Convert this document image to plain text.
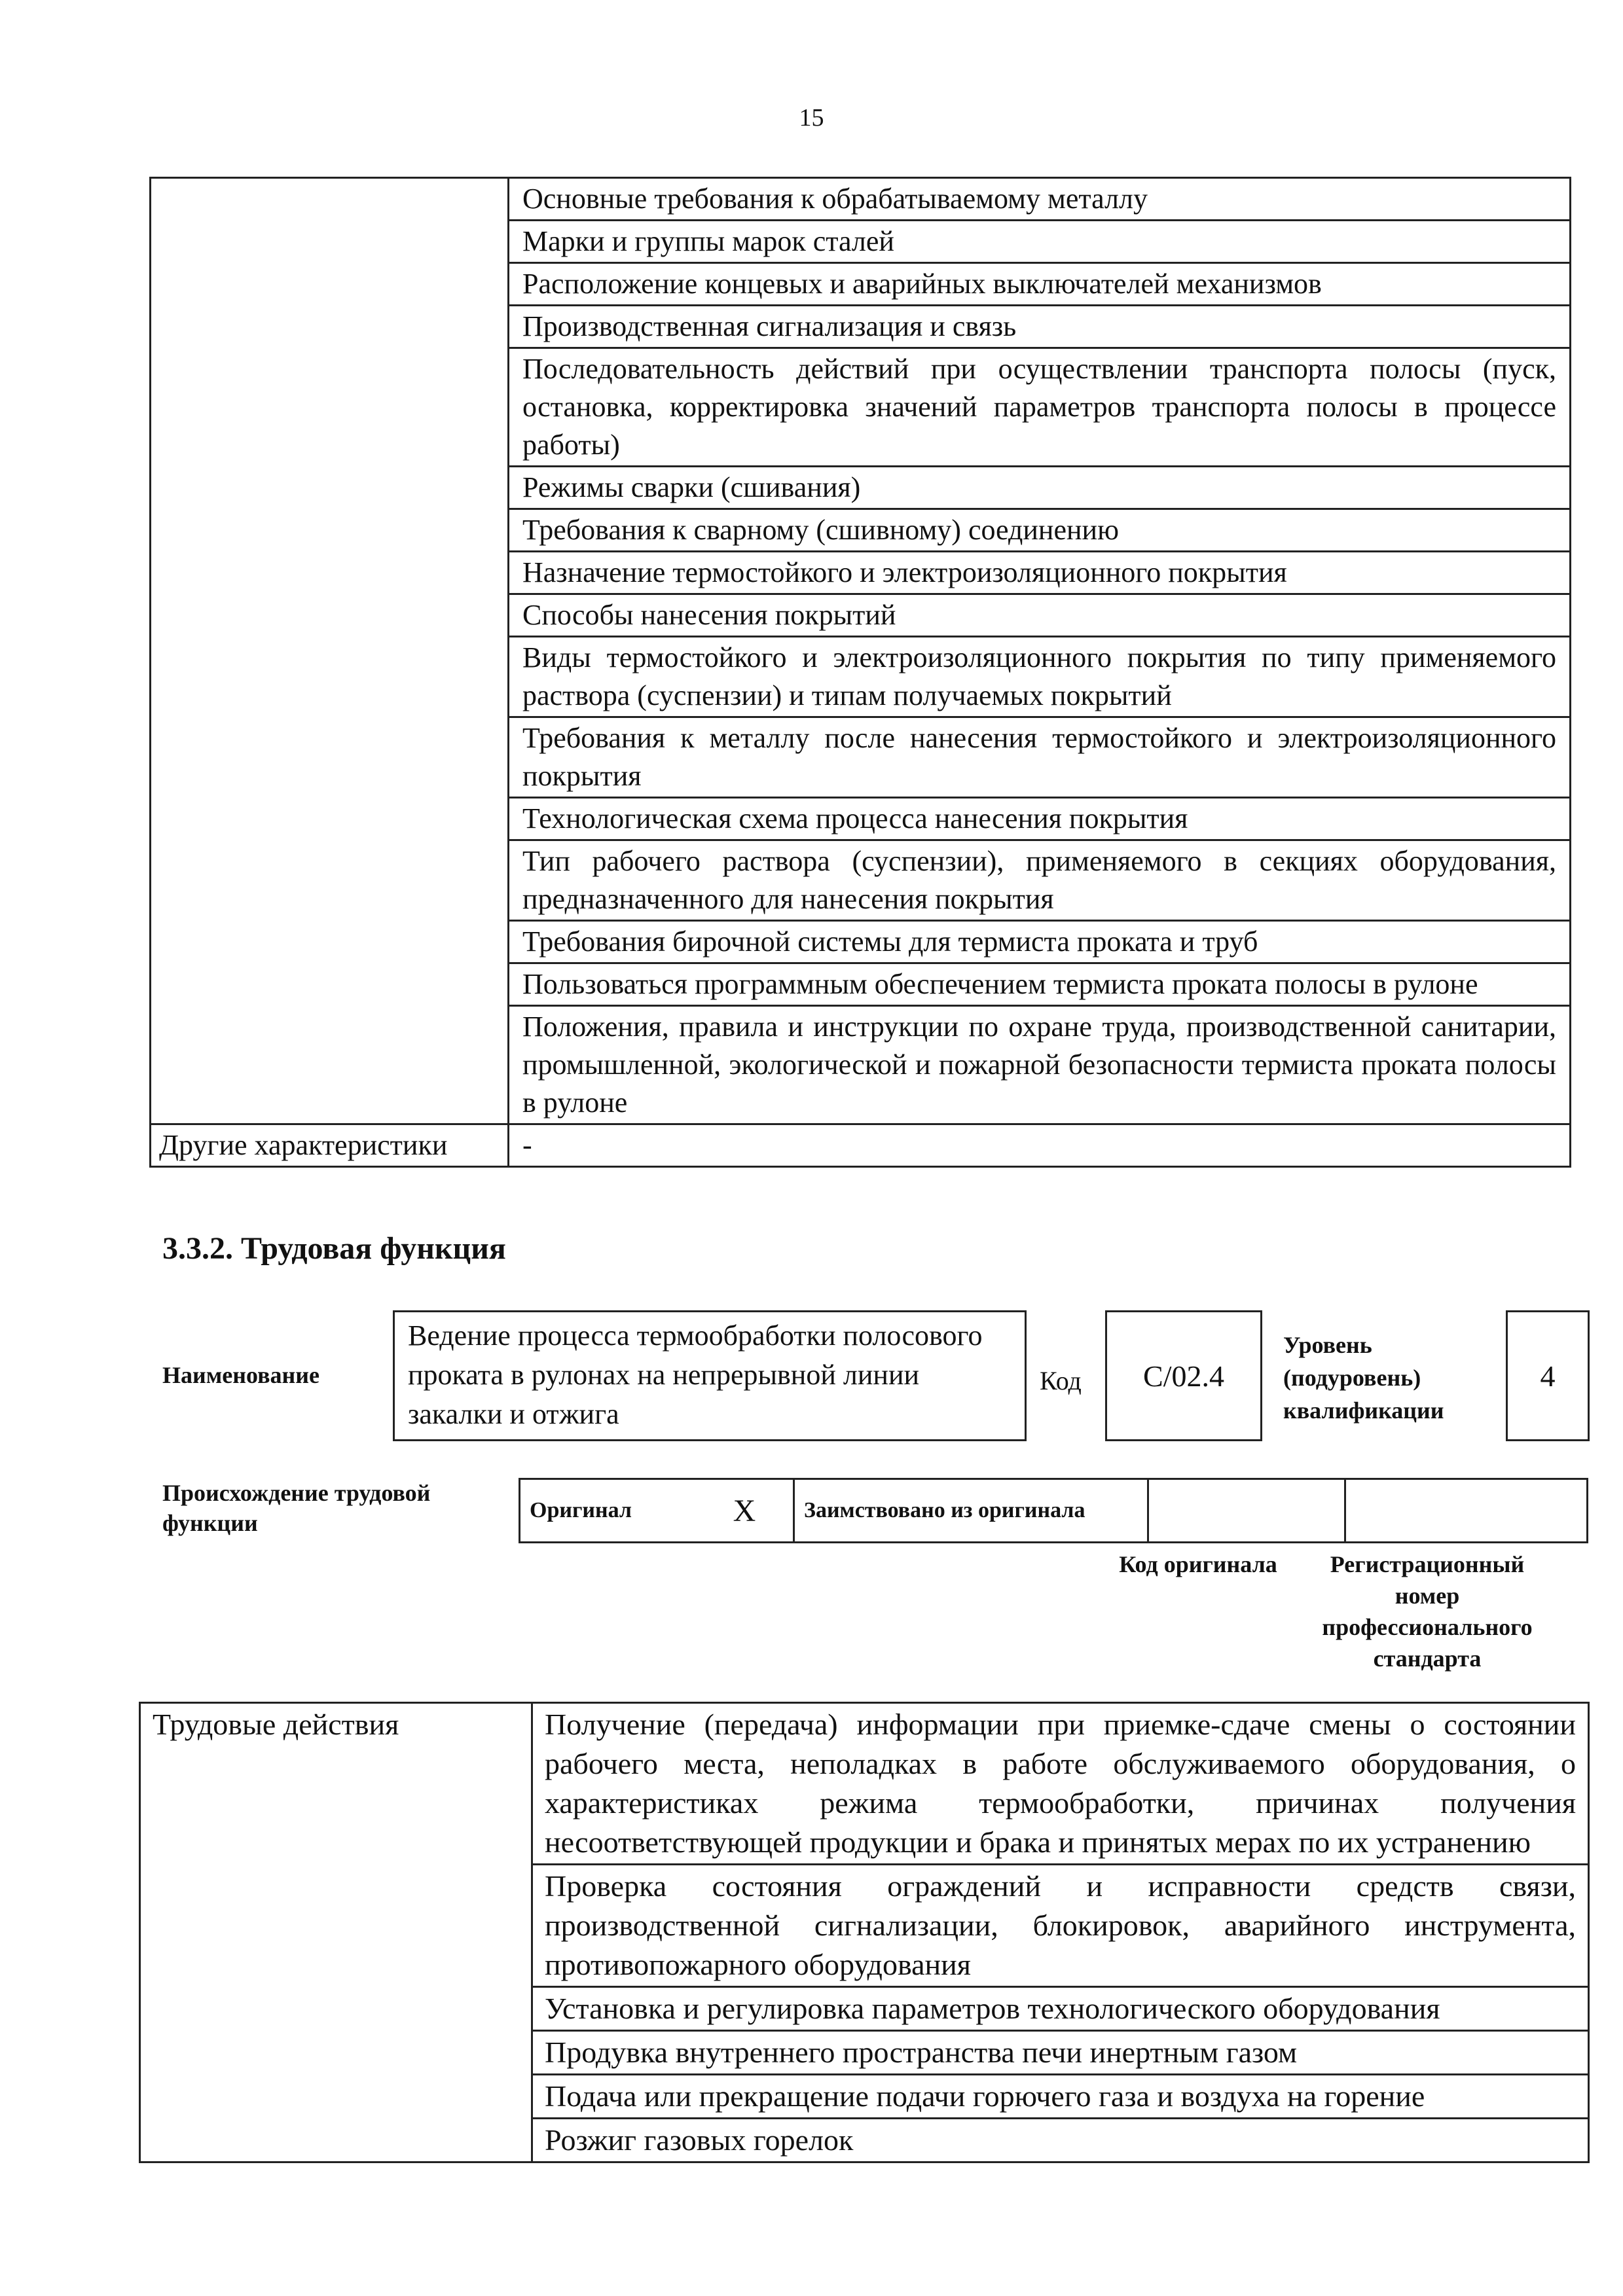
15
	Основные требования к обрабатываемому металлу
	Марки и группы марок сталей
	Расположение концевых и аварийных выключателей механизмов
	Производственная сигнализация и связь
	Последовательность действий при осуществлении транспорта полосы (пуск, остановка, корректировка значений параметров транспорта полосы в процессе работы)
	Режимы сварки (сшивания)
	Требования к сварному (сшивному) соединению
	Назначение термостойкого и электроизоляционного покрытия
	Способы нанесения покрытий
	Виды термостойкого и электроизоляционного покрытия по типу применяемого раствора (суспензии) и типам получаемых покрытий
	Требования к металлу после нанесения термостойкого и электроизоляционного покрытия
	Технологическая схема процесса нанесения покрытия
	Тип рабочего раствора (суспензии), применяемого в секциях оборудования, предназначенного для нанесения покрытия
	Требования бирочной системы для термиста проката и труб
	Пользоваться программным обеспечением термиста проката полосы в рулоне
	Положения, правила и инструкции по охране труда, производственной санитарии, промышленной, экологической и пожарной безопасности термиста проката полосы в рулоне
Другие характеристики	-
3.3.2. Трудовая функция
Наименование
Ведение процесса термообработки полосового проката в рулонах на непрерывной линии закалки и отжига
Код	C/02.4
Уровень (подуровень) квалификации
4
Происхождение трудовой функции	Оригинал	X	Заимствовано из оригинала		
Код оригинала	Регистрационный номер профессионального стандарта
Трудовые действия	Получение (передача) информации при приемке-сдаче смены о состоянии рабочего места, неполадках в работе обслуживаемого оборудования, о характеристиках режима термообработки, причинах получения несоответствующей продукции и брака и принятых мерах по их устранению
Проверка состояния ограждений и исправности средств связи, производственной сигнализации, блокировок, аварийного инструмента, противопожарного оборудования
Установка и регулировка параметров технологического оборудования
Продувка внутреннего пространства печи инертным газом
Подача или прекращение подачи горючего газа и воздуха на горение
Розжиг газовых горелок
